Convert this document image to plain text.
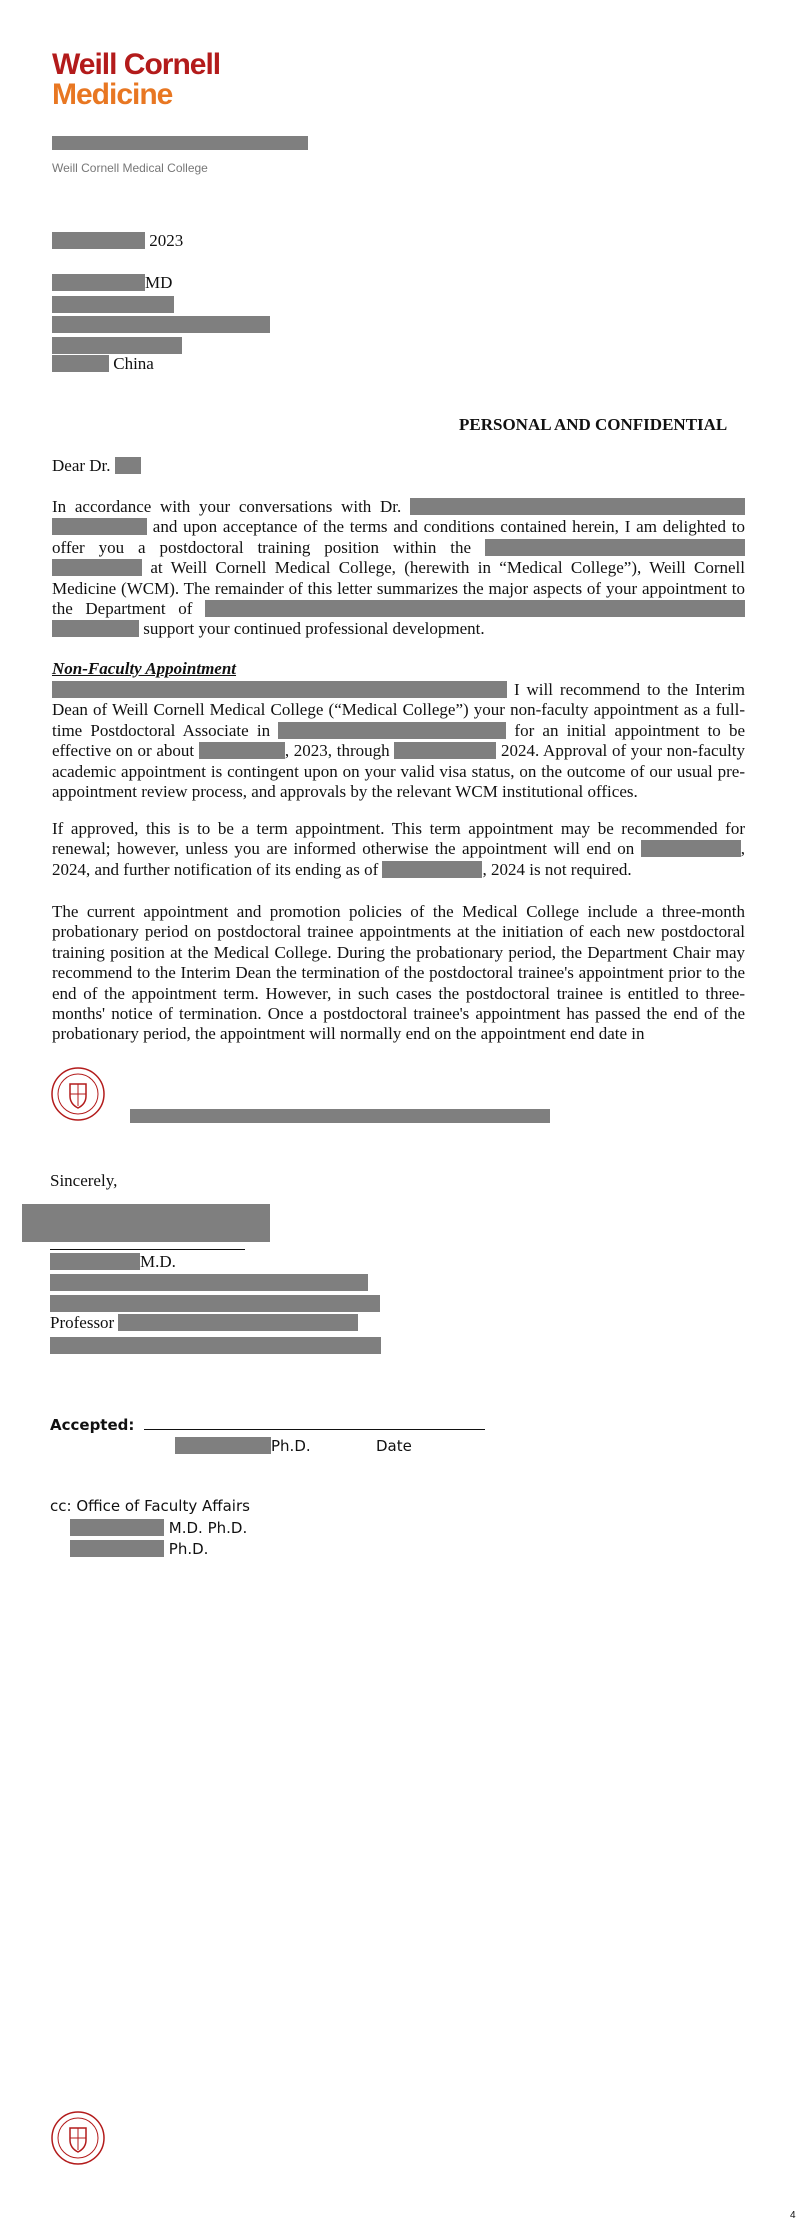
Weill Cornell
Medicine
Weill Cornell Medical College
2023
MD
China
PERSONAL AND CONFIDENTIAL
Dear Dr.
In accordance with your conversations with Dr.   and upon acceptance of the terms and conditions contained herein, I am delighted to offer you a postdoctoral training position within the   at Weill Cornell Medical College, (herewith in “Medical College”), Weill Cornell Medicine (WCM). The remainder of this letter summarizes the major aspects of your appointment to the Department of   support your continued professional development.
Non-Faculty Appointment
I will recommend to the Interim Dean of Weill Cornell Medical College (“Medical College”) your non-faculty appointment as a full-time Postdoctoral Associate in	for an initial appointment to be effective on or about	, 2023, through	2024. Approval of your non-faculty academic appointment is contingent upon on your valid visa status, on the outcome of our usual pre-appointment review process, and approvals by the relevant WCM institutional offices.
If approved, this is to be a term appointment. This term appointment may be recommended for renewal; however, unless you are informed otherwise the appointment will end on	, 2024, and further notification of its ending as of	, 2024 is not required.
The current appointment and promotion policies of the Medical College include a three-month probationary period on postdoctoral trainee appointments at the initiation of each new postdoctoral training position at the Medical College. During the probationary period, the Department Chair may recommend to the Interim Dean the termination of the postdoctoral trainee's appointment prior to the end of the appointment term. However, in such cases the postdoctoral trainee is entitled to three- months' notice of termination. Once a postdoctoral trainee's appointment has passed the end of the probationary period, the appointment will normally end on the appointment end date in
Sincerely,
M.D.
Professor
Accepted:
Ph.D.	Date
cc: Office of Faculty Affairs
M.D. Ph.D.
Ph.D.
4
